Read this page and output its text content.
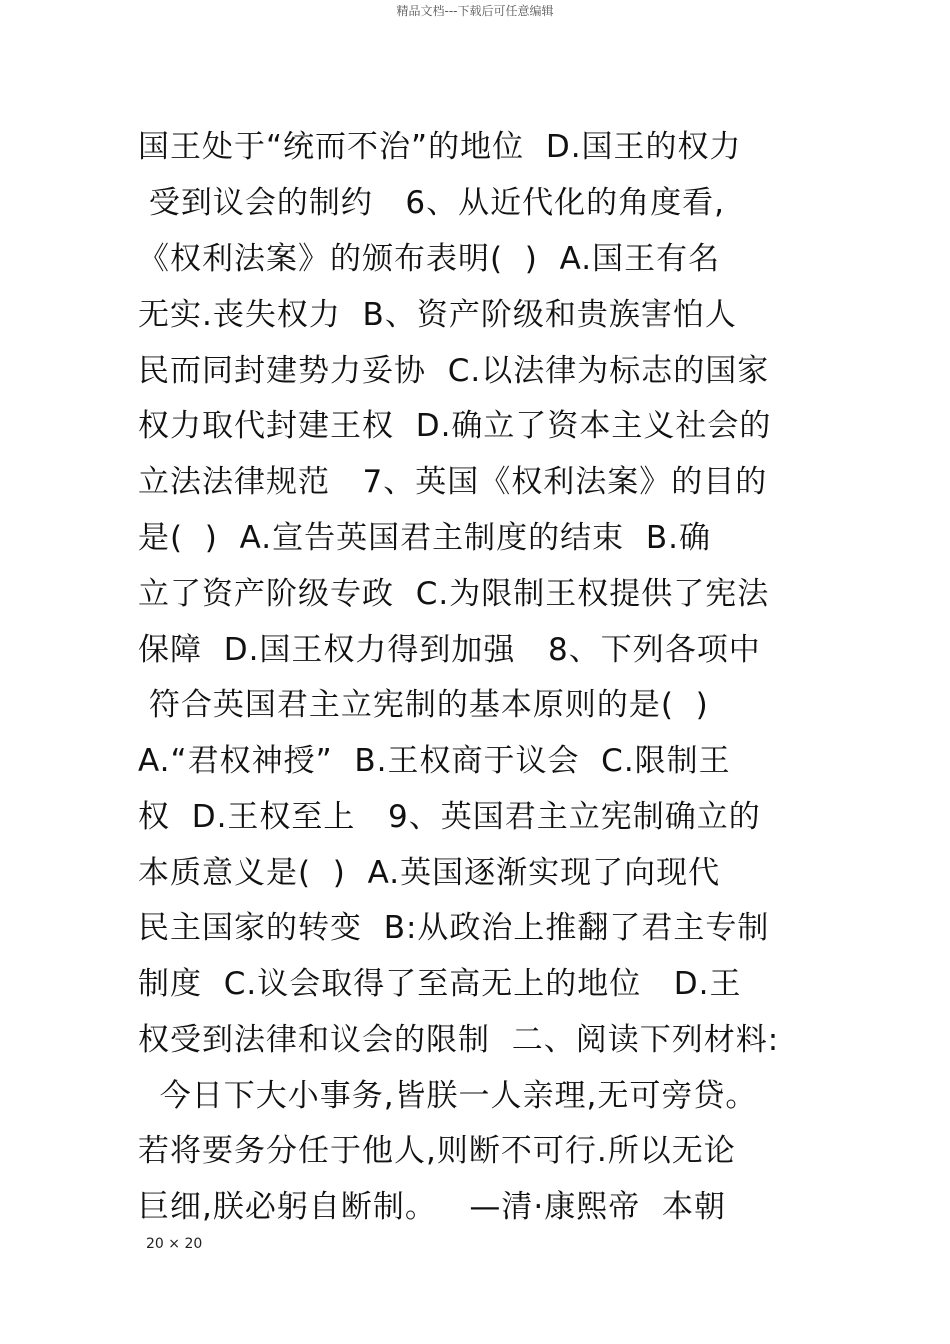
精品文档---下载后可任意编辑
国王处于“统而不治”的地位  D.国王的权力
受到议会的制约   6、从近代化的角度看,
《权利法案》的颁布表明(  )  A.国王有名
无实.丧失权力  B、资产阶级和贵族害怕人
民而同封建势力妥协  C.以法律为标志的国家
权力取代封建王权  D.确立了资本主义社会的
立法法律规范   7、英国《权利法案》的目的
是(  )  A.宣告英国君主制度的结束  B.确
立了资产阶级专政  C.为限制王权提供了宪法
保障  D.国王权力得到加强   8、下列各项中
符合英国君主立宪制的基本原则的是(  )
A.“君权神授”  B.王权商于议会  C.限制王
权  D.王权至上   9、英国君主立宪制确立的
本质意义是(  )  A.英国逐渐实现了向现代
民主国家的转变  B:从政治上推翻了君主专制
制度  C.议会取得了至高无上的地位   D.王
权受到法律和议会的限制  二、阅读下列材料:
今日下大小事务,皆朕一人亲理,无可旁贷。
若将要务分任于他人,则断不可行.所以无论
巨细,朕必躬自断制。   —清·康熙帝  本朝
20 × 20
